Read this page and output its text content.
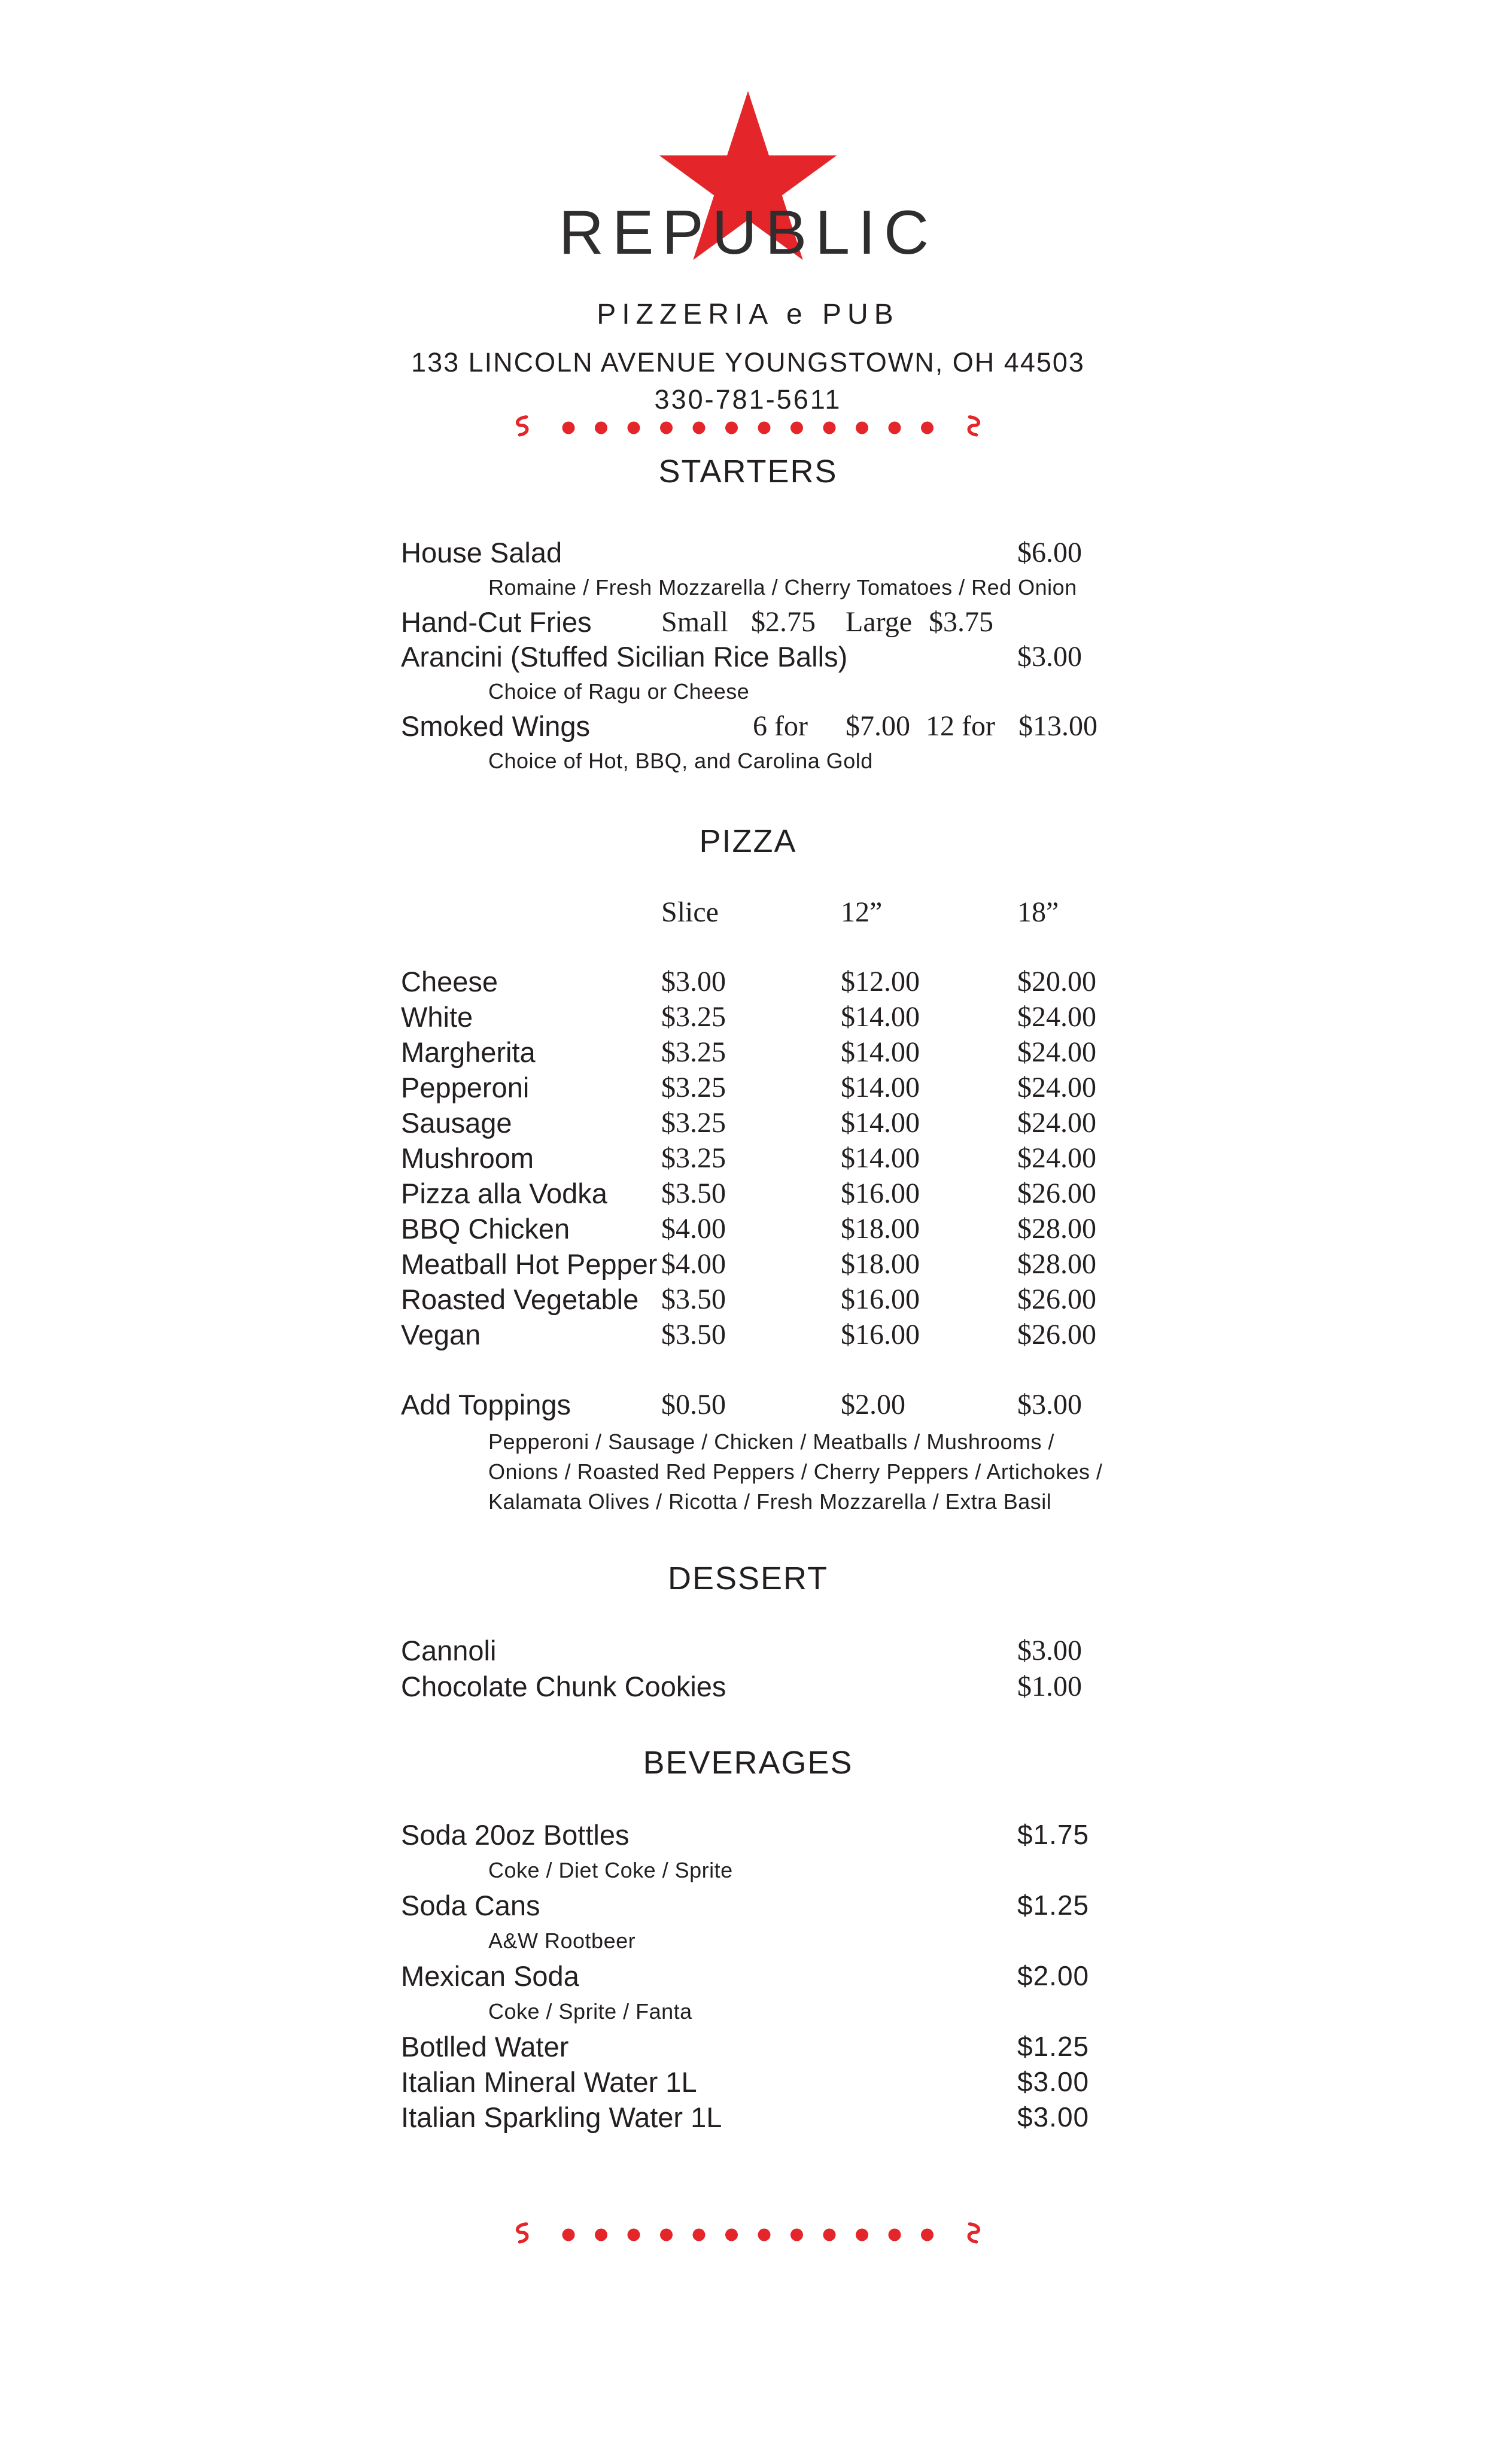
REPUBLIC
PIZZERIA e PUB
133 LINCOLN AVENUE YOUNGSTOWN, OH 44503
330-781-5611
STARTERS
House Salad	$6.00
Romaine / Fresh Mozzarella / Cherry Tomatoes / Red Onion
Hand-Cut Fries Small $2.75 Large $3.75
Arancini (Stuffed Sicilian Rice Balls)	$3.00
Choice of Ragu or Cheese
Smoked Wings	6 for $7.00 12 for $13.00
Choice of Hot, BBQ, and Carolina Gold
PIZZA
Slice	12”	18”
Cheese	$3.00	$12.00	$20.00
White	$3.25	$14.00	$24.00
Margherita	$3.25	$14.00	$24.00
Pepperoni	$3.25	$14.00	$24.00
Sausage	$3.25	$14.00	$24.00
Mushroom	$3.25	$14.00	$24.00
Pizza alla Vodka	$3.50	$16.00	$26.00
BBQ Chicken	$4.00	$18.00	$28.00
Meatball Hot Pepper $4.00	$18.00	$28.00
Roasted Vegetable $3.50	$16.00	$26.00
Vegan	$3.50	$16.00	$26.00
Add Toppings	$0.50	$2.00	$3.00
Pepperoni / Sausage / Chicken / Meatballs / Mushrooms /
Onions / Roasted Red Peppers / Cherry Peppers / Artichokes /
Kalamata Olives / Ricotta / Fresh Mozzarella / Extra Basil
DESSERT
Cannoli	$3.00
Chocolate Chunk Cookies	$1.00
BEVERAGES
Soda 20oz Bottles	$1.75
Coke / Diet Coke / Sprite
Soda Cans	$1.25
A&W Rootbeer
Mexican Soda	$2.00
Coke / Sprite / Fanta
Botlled Water	$1.25
Italian Mineral Water 1L	$3.00
Italian Sparkling Water 1L	$3.00
